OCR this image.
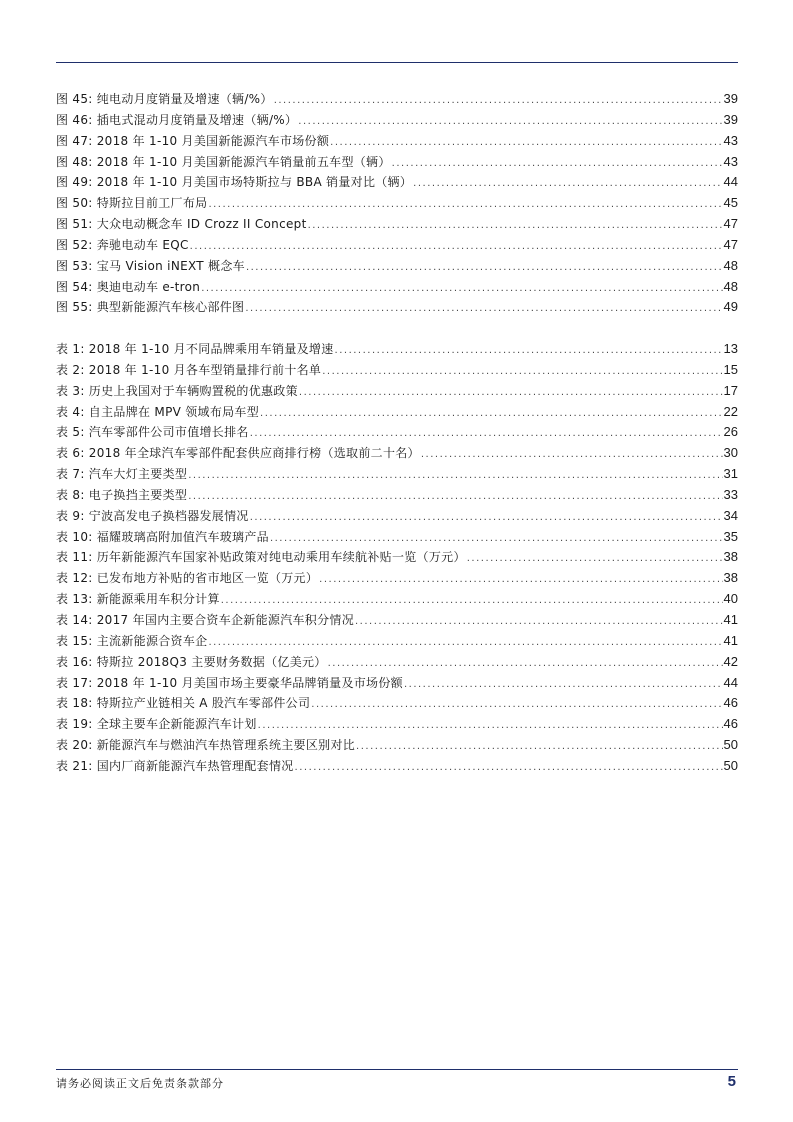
图 45: 纯电动月度销量及增速（辆/%） .....	39
图 46: 插电式混动月度销量及增速（辆/%） .....	39
图 47: 2018 年 1-10 月美国新能源汽车市场份额 .....	43
图 48: 2018 年 1-10 月美国新能源汽车销量前五车型（辆） .....	43
图 49: 2018 年 1-10 月美国市场特斯拉与 BBA 销量对比（辆） .....	44
图 50: 特斯拉目前工厂布局 .....	45
图 51: 大众电动概念车 ID Crozz II Concept .....	47
图 52: 奔驰电动车 EQC .....	47
图 53: 宝马 Vision iNEXT 概念车 .....	48
图 54: 奥迪电动车 e-tron .....	48
图 55: 典型新能源汽车核心部件图 .....	49
表 1: 2018 年 1-10 月不同品牌乘用车销量及增速 .....	13
表 2: 2018 年 1-10 月各车型销量排行前十名单 .....	15
表 3: 历史上我国对于车辆购置税的优惠政策 .....	17
表 4: 自主品牌在 MPV 领域布局车型 .....	22
表 5: 汽车零部件公司市值增长排名 .....	26
表 6: 2018 年全球汽车零部件配套供应商排行榜（选取前二十名） .....	30
表 7: 汽车大灯主要类型 .....	31
表 8: 电子换挡主要类型 .....	33
表 9: 宁波高发电子换档器发展情况 .....	34
表 10: 福耀玻璃高附加值汽车玻璃产品 .....	35
表 11: 历年新能源汽车国家补贴政策对纯电动乘用车续航补贴一览（万元） .....	38
表 12: 已发布地方补贴的省市地区一览（万元） .....	38
表 13: 新能源乘用车积分计算 .....	40
表 14: 2017 年国内主要合资车企新能源汽车积分情况 .....	41
表 15: 主流新能源合资车企 .....	41
表 16: 特斯拉 2018Q3 主要财务数据（亿美元） .....	42
表 17: 2018 年 1-10 月美国市场主要豪华品牌销量及市场份额 .....	44
表 18: 特斯拉产业链相关 A 股汽车零部件公司 .....	46
表 19: 全球主要车企新能源汽车计划 .....	46
表 20: 新能源汽车与燃油汽车热管理系统主要区别对比 .....	50
表 21: 国内厂商新能源汽车热管理配套情况 .....	50
请务必阅读正文后免责条款部分	5
